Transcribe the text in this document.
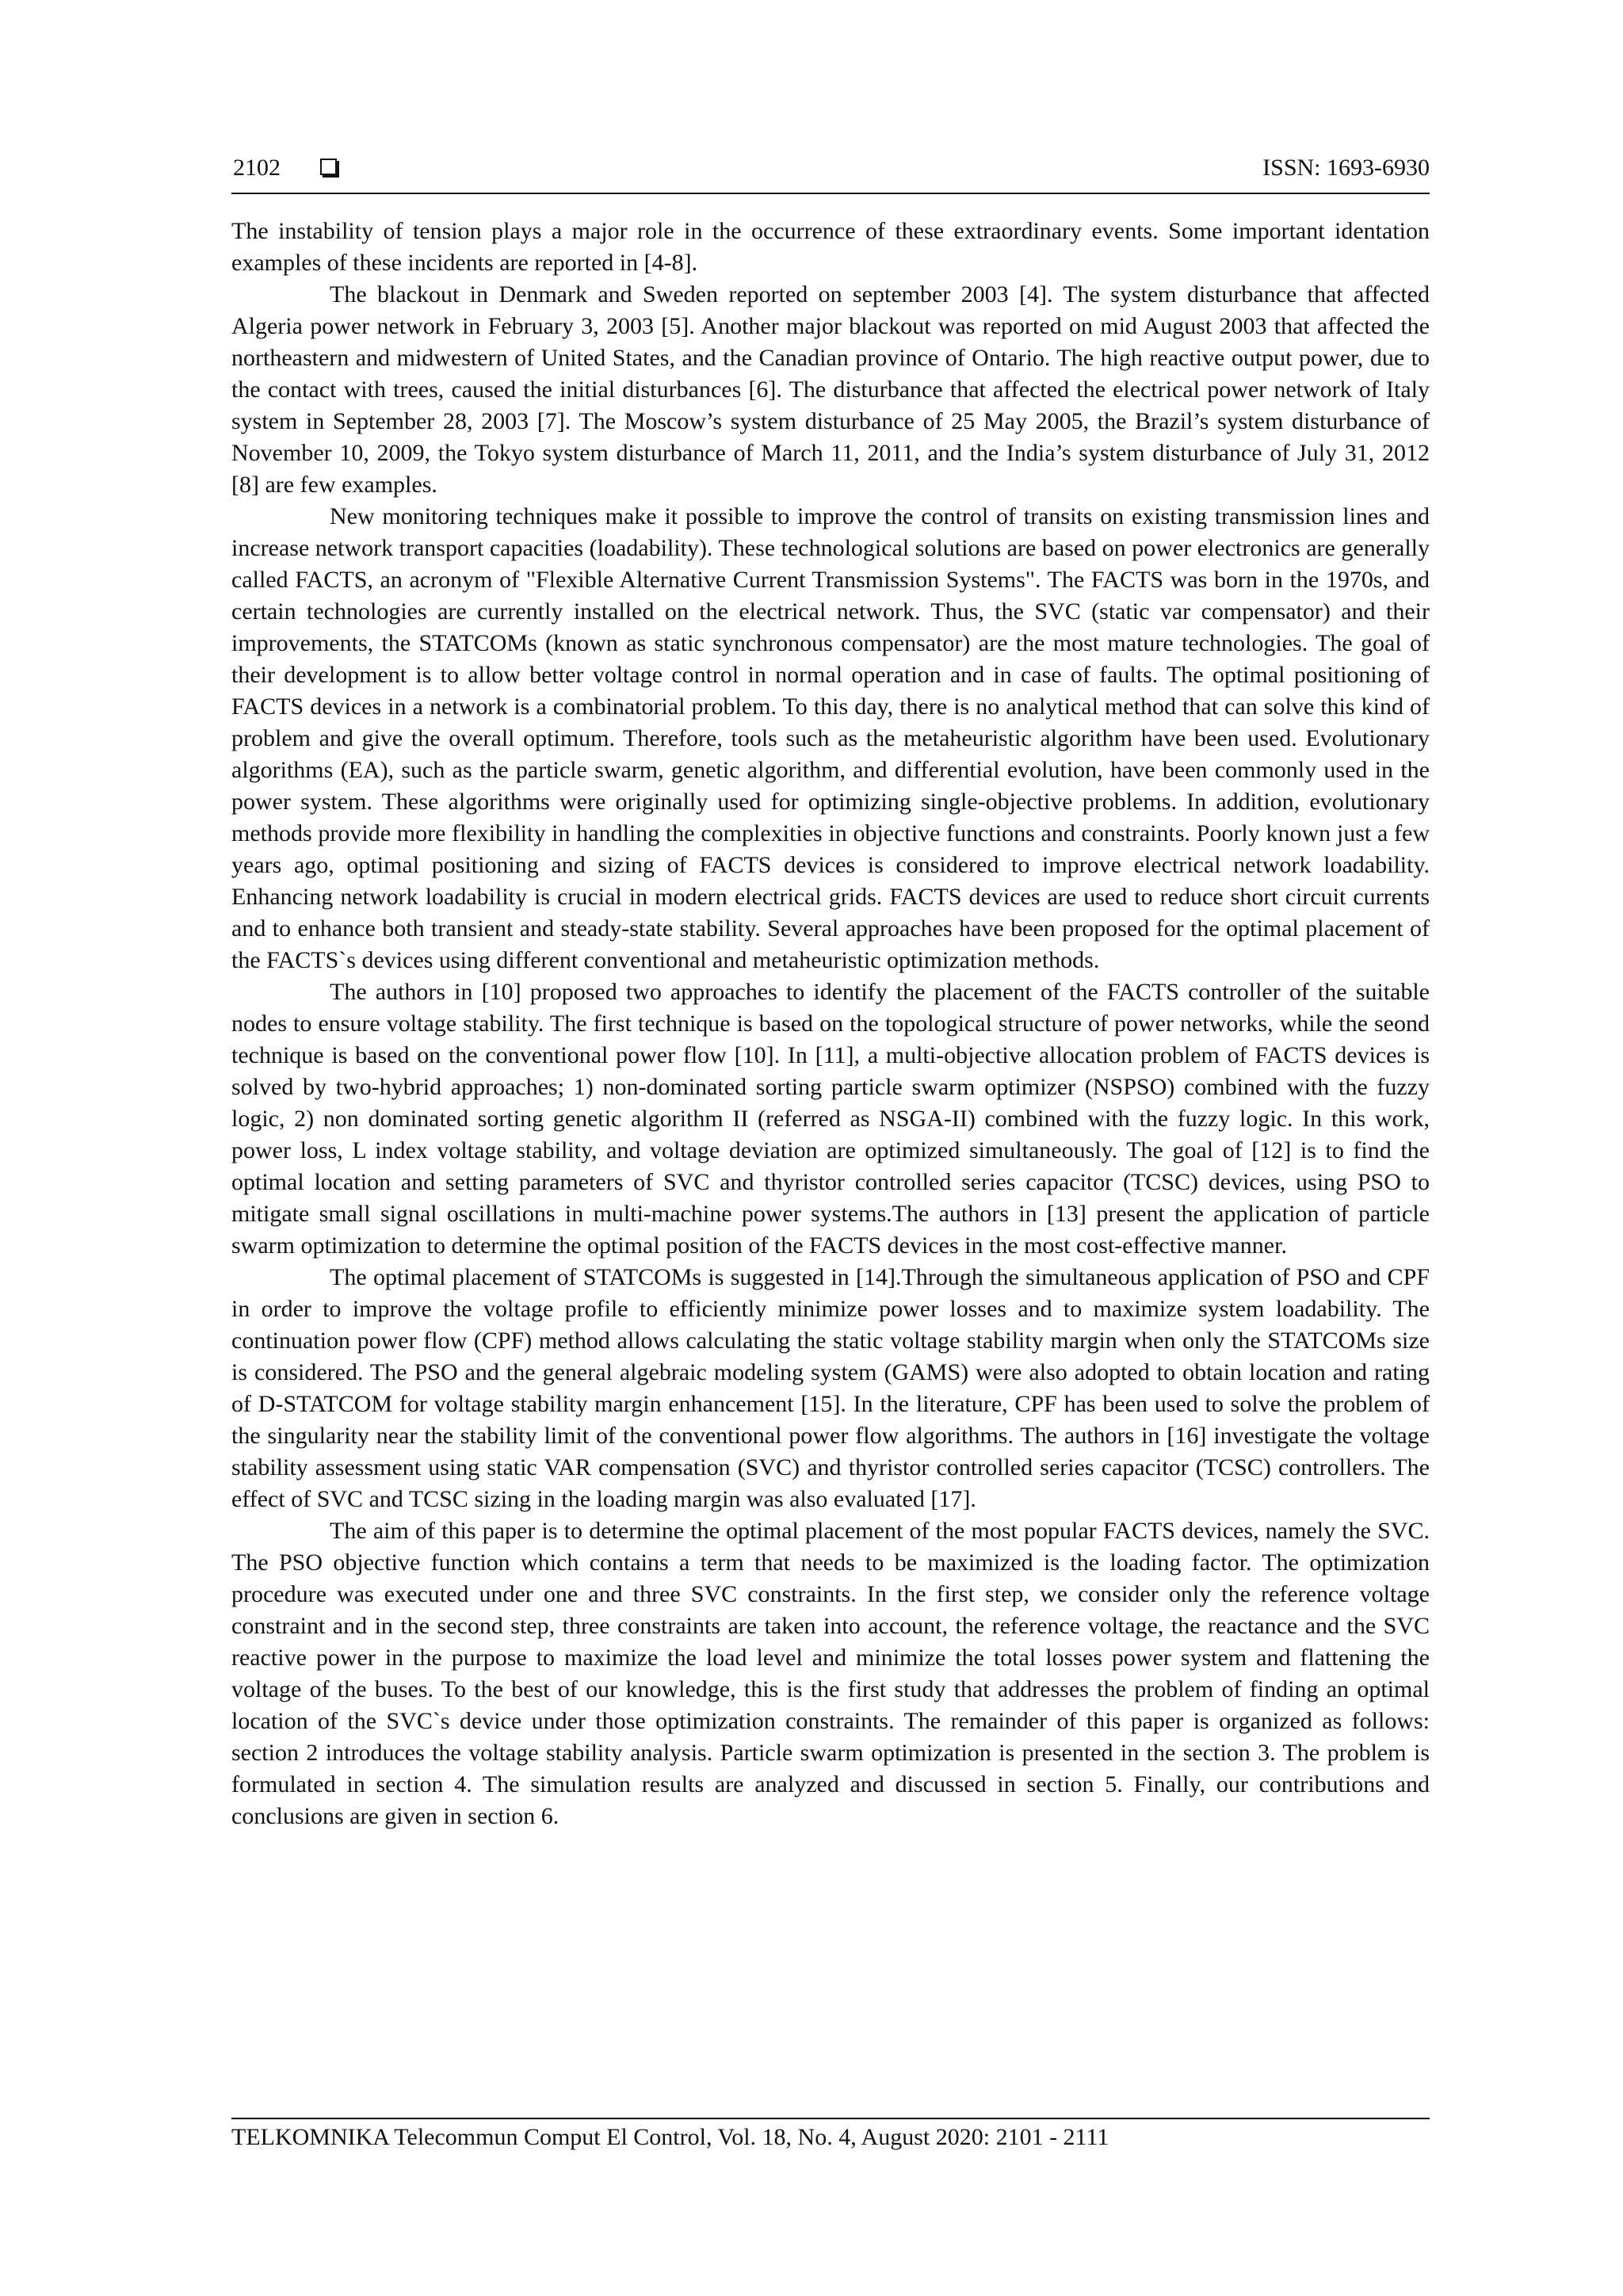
2102	ISSN: 1693-6930

The instability of tension plays a major role in the occurrence of these extraordinary events. Some important identation examples of these incidents are reported in [4-8].

The blackout in Denmark and Sweden reported on september 2003 [4]. The system disturbance that affected Algeria power network in February 3, 2003 [5]. Another major blackout was reported on mid August 2003 that affected the northeastern and midwestern of United States, and the Canadian province of Ontario. The high reactive output power, due to the contact with trees, caused the initial disturbances [6]. The disturbance that affected the electrical power network of Italy system in September 28, 2003 [7]. The Moscow’s system disturbance of 25 May 2005, the Brazil’s system disturbance of November 10, 2009, the Tokyo system disturbance of March 11, 2011, and the India’s system disturbance of July 31, 2012 [8] are few examples.

New monitoring techniques make it possible to improve the control of transits on existing transmission lines and increase network transport capacities (loadability). These technological solutions are based on power electronics are generally called FACTS, an acronym of "Flexible Alternative Current Transmission Systems". The FACTS was born in the 1970s, and certain technologies are currently installed on the electrical network. Thus, the SVC (static var compensator) and their improvements, the STATCOMs (known as static synchronous compensator) are the most mature technologies. The goal of their development is to allow better voltage control in normal operation and in case of faults. The optimal positioning of FACTS devices in a network is a combinatorial problem. To this day, there is no analytical method that can solve this kind of problem and give the overall optimum. Therefore, tools such as the metaheuristic algorithm have been used. Evolutionary algorithms (EA), such as the particle swarm, genetic algorithm, and differential evolution, have been commonly used in the power system. These algorithms were originally used for optimizing single-objective problems. In addition, evolutionary methods provide more flexibility in handling the complexities in objective functions and constraints. Poorly known just a few years ago, optimal positioning and sizing of FACTS devices is considered to improve electrical network loadability. Enhancing network loadability is crucial in modern electrical grids. FACTS devices are used to reduce short circuit currents and to enhance both transient and steady-state stability. Several approaches have been proposed for the optimal placement of the FACTS`s devices using different conventional and metaheuristic optimization methods.

The authors in [10] proposed two approaches to identify the placement of the FACTS controller of the suitable nodes to ensure voltage stability. The first technique is based on the topological structure of power networks, while the seond technique is based on the conventional power flow [10]. In [11], a multi-objective allocation problem of FACTS devices is solved by two-hybrid approaches; 1) non-dominated sorting particle swarm optimizer (NSPSO) combined with the fuzzy logic, 2) non dominated sorting genetic algorithm II (referred as NSGA-II) combined with the fuzzy logic. In this work, power loss, L index voltage stability, and voltage deviation are optimized simultaneously. The goal of [12] is to find the optimal location and setting parameters of SVC and thyristor controlled series capacitor (TCSC) devices, using PSO to mitigate small signal oscillations in multi-machine power systems.The authors in [13] present the application of particle swarm optimization to determine the optimal position of the FACTS devices in the most cost-effective manner.

The optimal placement of STATCOMs is suggested in [14].Through the simultaneous application of PSO and CPF in order to improve the voltage profile to efficiently minimize power losses and to maximize system loadability. The continuation power flow (CPF) method allows calculating the static voltage stability margin when only the STATCOMs size is considered. The PSO and the general algebraic modeling system (GAMS) were also adopted to obtain location and rating of D-STATCOM for voltage stability margin enhancement [15]. In the literature, CPF has been used to solve the problem of the singularity near the stability limit of the conventional power flow algorithms. The authors in [16] investigate the voltage stability assessment using static VAR compensation (SVC) and thyristor controlled series capacitor (TCSC) controllers. The effect of SVC and TCSC sizing in the loading margin was also evaluated [17].

The aim of this paper is to determine the optimal placement of the most popular FACTS devices, namely the SVC. The PSO objective function which contains a term that needs to be maximized is the loading factor. The optimization procedure was executed under one and three SVC constraints. In the first step, we consider only the reference voltage constraint and in the second step, three constraints are taken into account, the reference voltage, the reactance and the SVC reactive power in the purpose to maximize the load level and minimize the total losses power system and flattening the voltage of the buses. To the best of our knowledge, this is the first study that addresses the problem of finding an optimal location of the SVC`s device under those optimization constraints. The remainder of this paper is organized as follows: section 2 introduces the voltage stability analysis. Particle swarm optimization is presented in the section 3. The problem is formulated in section 4. The simulation results are analyzed and discussed in section 5. Finally, our contributions and conclusions are given in section 6.

TELKOMNIKA Telecommun Comput El Control, Vol. 18, No. 4, August 2020: 2101 - 2111
